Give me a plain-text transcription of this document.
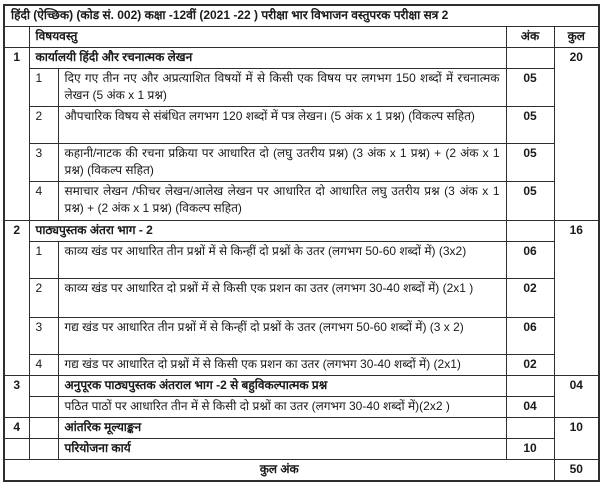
हिंदी (ऐच्छिक) (कोड सं. 002) कक्षा -12वीं (2021 -22 ) परीक्षा भार विभाजन वस्तुपरक परीक्षा सत्र 2				
	विषयवस्तु		अंक	कुल
1	कार्यालयी हिंदी और रचनात्मक लेखन			20
	1	दिए गए तीन नए और अप्रत्याशित विषयों में से किसी एक विषय पर लगभग 150 शब्दों में रचनात्मक लेखन (5 अंक x 1 प्रश्न)	05	
	2	औपचारिक विषय से संबंधित लगभग 120 शब्दों में पत्र लेखन। (5 अंक x 1 प्रश्न) (विकल्प सहित)	05	
	3	कहानी/नाटक की रचना प्रक्रिया पर आधारित दो (लघु उतरीय प्रश्न) (3 अंक x 1 प्रश्न) + (2 अंक x 1 प्रश्न) (विकल्प सहित)	05	
	4	समाचार लेखन /फीचर लेखन/आलेख लेखन पर आधारित दो आधारित लघु उतरीय प्रश्न (3 अंक x 1 प्रश्न) + (2 अंक x 1 प्रश्न) (विकल्प सहित)	05	
2	पाठ्यपुस्तक अंतरा भाग - 2			16
	1	काव्य खंड पर आधारित तीन प्रश्नों में से किन्हीं दो प्रश्नों के उतर (लगभग 50-60 शब्दों में) (3x2)	06	
	2	काव्य खंड पर आधारित दो प्रश्नों में से किसी एक प्रशन का उतर (लगभग 30-40 शब्दों में) (2x1 )	02	
	3	गद्य खंड पर आधारित तीन प्रश्नों में से किन्हीं दो प्रश्नों के उतर (लगभग 50-60 शब्दों में) (3 x 2)	06	
	4	गद्य खंड पर आधारित दो प्रश्नों में से किसी एक प्रशन का उतर (लगभग 30-40 शब्दों में) (2x1)	02	
3		अनुपूरक पाठ्यपुस्तक अंतराल भाग -2 से बहुविकल्पात्मक प्रश्न		04
		पठित पाठों पर आधारित तीन में से किसी दो प्रश्नों का उतर (लगभग 30-40 शब्दों में)(2x2 )	04	
4		आंतरिक मूल्याङ्कन		10
		परियोजना कार्य	10	
कुल अंक				50
